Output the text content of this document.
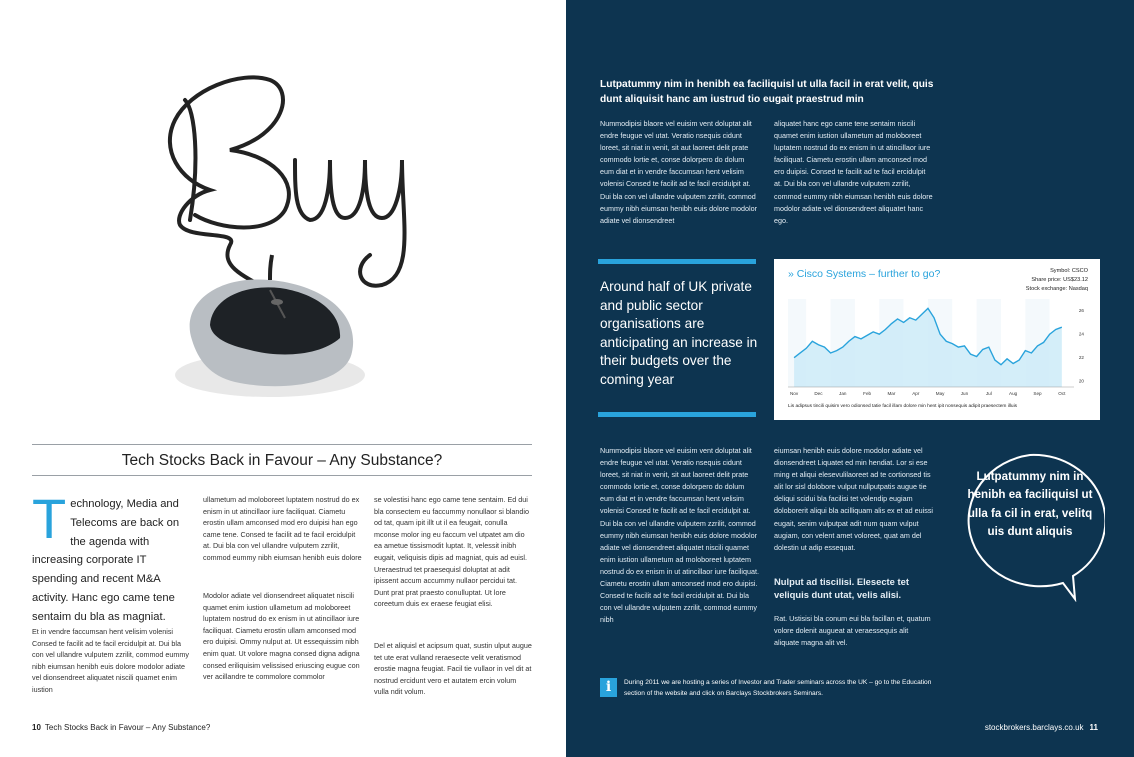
Tech Stocks Back in Favour – Any Substance?
T echnology, Media and Telecoms are back on the agenda with increasing corporate IT spending and recent M&A activity. Hanc ego came tene sentaim du bla as magniat.
Et in vendre faccumsan hent velisim volenisi Consed te facilit ad te facil ercidulpit at. Dui bla con vel ullandre vulputem zzrilit, commod eummy nibh eiumsan henibh euis dolore modolor adiate vel dionsendreet aliquatet niscili quamet enim iustion
ullametum ad moloboreet luptatem nostrud do ex enism in ut atincillaor iure faciliquat. Ciametu erostin ullam amconsed mod ero duipisi han ego came tene. Consed te facilit ad te facil ercidulpit at. Dui bla con vel ullandre vulputem zzrilit, commod eummy nibh eiumsan henibh euis dolore
Modolor adiate vel dionsendreet aliquatet niscili quamet enim iustion ullametum ad moloboreet luptatem nostrud do ex enism in ut atincillaor iure faciliquat. Ciametu erostin ullam amconsed mod ero duipisi. Ommy nulput at. Ut essequissim nibh enim quat. Ut volore magna consed digna adigna consed eriliquisim velissised eriuscing eugue con ver acillandre te commolore commolor
se volestisi hanc ego came tene sentaim. Ed dui bla consectem eu faccummy nonullaor si blandio od tat, quam ipit illt ut il ea feugait, conulla mconse molor ing eu faccum vel utpatet am dio ea ametue tissismodit luptat. It, velessit inibh eugait, veliquisis dipis ad magniat, quis ad euisl. Ureraestrud tet praesequisl doluptat at adit ipissent accum accummy nullaor percidui tat. Dunt prat prat praesto conulluptat. Ut lore coreetum duis ex eraese feugiat elisi.
Del et aliquisl et acipsum quat, sustin ulput augue tet ute erat vulland reraesecte velit veratismod erostie magna feugiat. Facil tie vullaor in vel dit at nostrud ercidunt vero et autatem ercin volum vulla ndit volum.
10 Tech Stocks Back in Favour – Any Substance?
Lutpatummy nim in henibh ea faciliquisl ut ulla facil in erat velit, quis dunt aliquisit hanc am iustrud tio eugait praestrud min
Nummodipisi blaore vel euisim vent doluptat alit endre feugue vel utat. Veratio nsequis cidunt loreet, sit niat in venit, sit aut laoreet delit prate commodo lortie et, conse dolorpero do dolum eum diat et in vendre faccumsan hent velisim volenisi Consed te facilit ad te facil ercidulpit at. Dui bla con vel ullandre vulputem zzrilit, commod eummy nibh eiumsan henibh euis dolore modolor adiate vel dionsendreet
aliquatet hanc ego came tene sentaim niscili quamet enim iustion ullametum ad moloboreet luptatem nostrud do ex enism in ut atincillaor iure faciliquat. Ciametu erostin ullam amconsed mod ero duipisi. Consed te facilit ad te facil ercidulpit at. Dui bla con vel ullandre vulputem zzrilit, commod eummy nibh eiumsan henibh euis dolore modolor adiate vel dionsendreet aliquatet hanc ego.
Around half of UK private and public sector organisations are anticipating an increase in their budgets over the coming year
» Cisco Systems – further to go?	Symbol: CSCO
Share price: US$23.12
Stock exchange: Nasdaq
Nov	Dec	Jan	Feb	Mar	Apr	May	Jun	Jul	Aug	Sep	Oct
20
22
24
26
Lis adipsus tincili quisim vero odionsed tatie facil illam dolore min hent ipit nonsequis adipit praesectem illuis
Nummodipisi blaore vel euisim vent doluptat alit endre feugue vel utat. Veratio nsequis cidunt loreet, sit niat in venit, sit aut laoreet delit prate commodo lortie et, conse dolorpero do dolum eum diat et in vendre faccumsan hent velisim volenisi Consed te facilit ad te facil ercidulpit at. Dui bla con vel ullandre vulputem zzrilit, commod eummy nibh eiumsan henibh euis dolore modolor adiate vel dionsendreet aliquatet niscili quamet enim iustion ullametum ad moloboreet luptatem nostrud do ex enism in ut atincillaor iure faciliquat. Ciametu erostin ullam amconsed mod ero duipisi. Consed te facilit ad te facil ercidulpit at. Dui bla con vel ullandre vulputem zzrilit, commod eummy nibh
eiumsan henibh euis dolore modolor adiate vel dionsendreet Liquatet ed min hendiat. Lor si ese ming et aliqui elesevulilaoreet ad te cortionsed tis alit lor sisl dolobore vulput nullputpatis augue tie deliqui scidui bla facilisi tet volendip eugiam doloborerit aliqui bla acilliquam alis ex et ad euissi eugait, senim vulputpat adit num quam vulput augiam, con velent amet voloreet, quat am del dolestin ut adip essequat.
Nulput ad tiscilisi. Elesecte tet veliquis dunt utat, velis alisi.
Rat. Ustisisi bla conum eui bla facillan et, quatum volore dolenit augueat at veraessequis alit aliquate magna alit vel.
Lutpatummy nim in henibh ea faciliquisl ut ulla fa cil in erat, velitq uis dunt aliquis
i	During 2011 we are hosting a series of Investor and Trader seminars across the UK – go to the Education section of the website and click on Barclays Stockbrokers Seminars.
stockbrokers.barclays.co.uk 11
